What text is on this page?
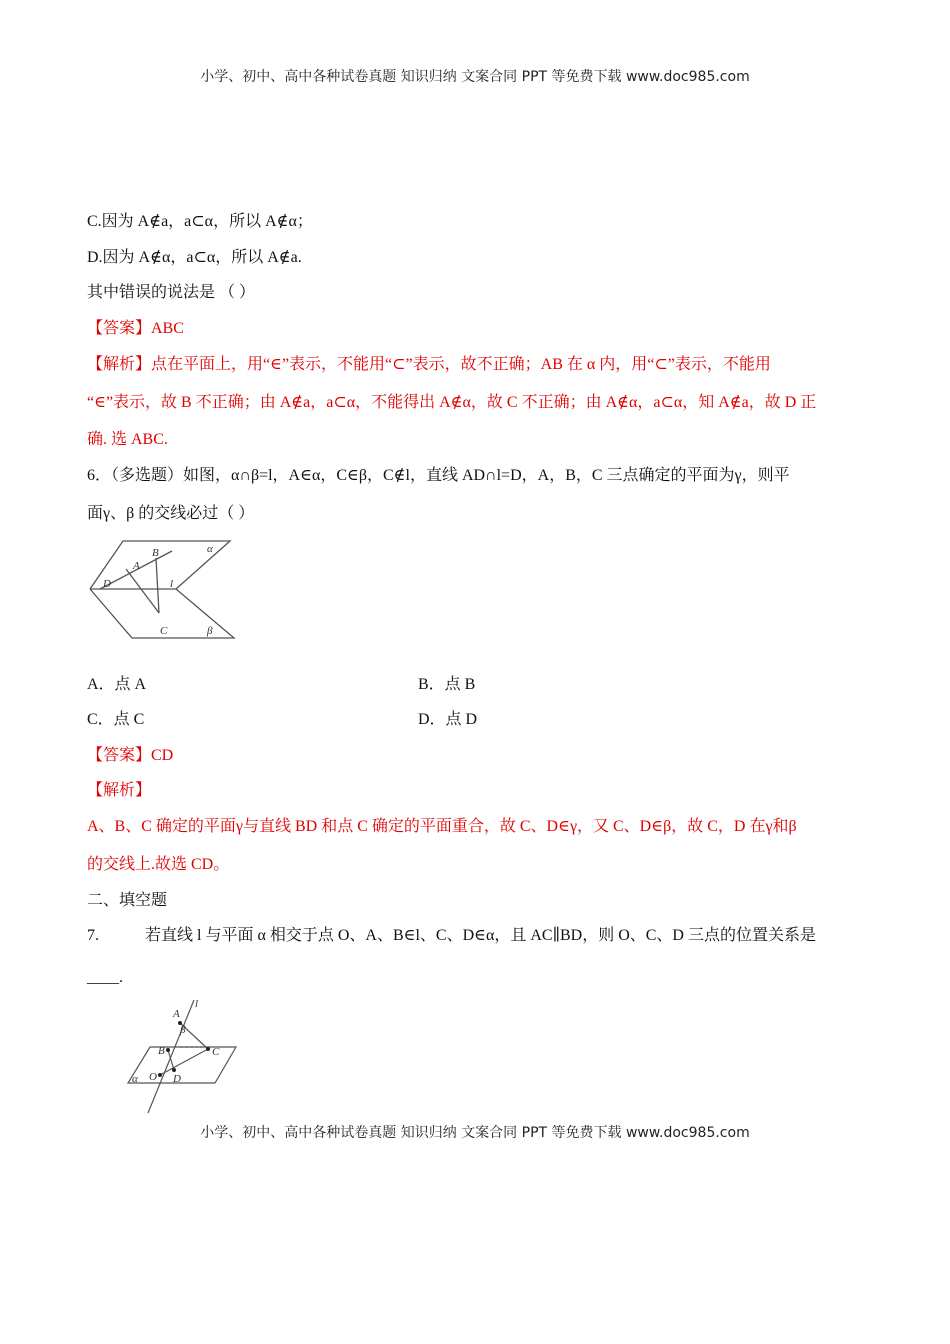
小学、初中、高中各种试卷真题 知识归纳 文案合同 PPT 等免费下载 www.doc985.com
C.因为 A∉a，a⊂α，所以 A∉α；
D.因为 A∉α，a⊂α，所以 A∉a.
其中错误的说法是 （ ）
【答案】ABC
【解析】点在平面上，用“∈”表示，不能用“⊂”表示，故不正确；AB 在 α 内，用“⊂”表示，不能用
“∈”表示，故 B 不正确；由 A∉a，a⊂α，不能得出 A∉α，故 C 不正确；由 A∉α，a⊂α，知 A∉a，故 D 正
确. 选 ABC.
6．（多选题）如图，α∩β=l，A∈α，C∈β，C∉l，直线 AD∩l=D，A，B，C 三点确定的平面为γ，则平
面γ、β 的交线必过（ ）
B
A
D	l
α
C	β
A．点 A	B．点 B
C．点 C	D．点 D
【答案】CD
【解析】
A、B、C 确定的平面γ与直线 BD 和点 C 确定的平面重合，故 C、D∈γ，又 C、D∈β，故 C，D 在γ和β
的交线上.故选 CD。
二、填空题
7.	若直线 l 与平面 α 相交于点 O、A、B∈l、C、D∈α，且 AC∥BD，则 O、C、D 三点的位置关系是
____.
A
l
β
B	C
O D
α
小学、初中、高中各种试卷真题 知识归纳 文案合同 PPT 等免费下载 www.doc985.com
